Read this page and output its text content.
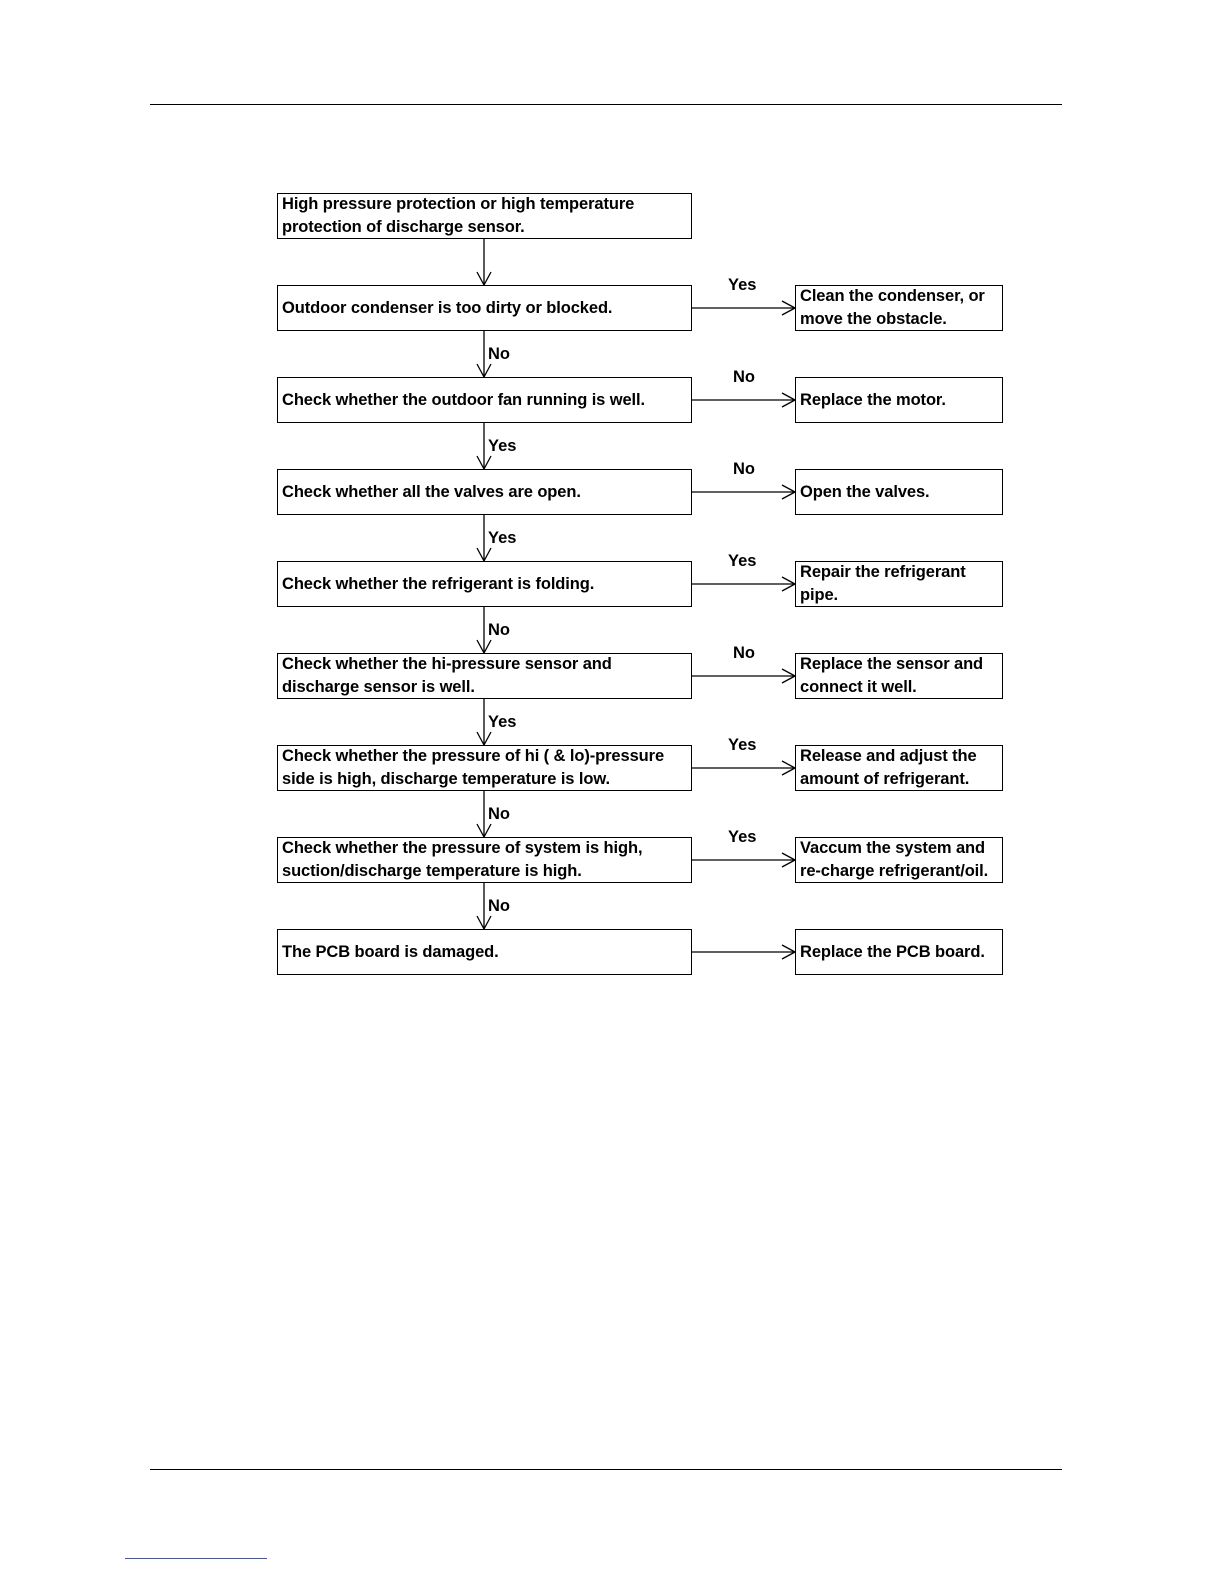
High pressure protection or high temperature protection of discharge sensor.
Outdoor condenser is too dirty or blocked.
Clean the condenser, or move the obstacle.
Yes
No
Check whether the outdoor fan running is well.	Replace the motor.
No
Yes
Check whether all the valves are open.	Open the valves.
No
Yes
Check whether the refrigerant is folding.
Repair the refrigerant pipe.
Yes
No
Check whether the hi-pressure sensor and discharge sensor is well.
Replace the sensor and connect it well.
No
Yes
Check whether the pressure of hi ( & lo)-pressure side is high, discharge temperature is low.
Release and adjust the amount of refrigerant.
Yes
No
Check whether the pressure of system is high, suction/discharge temperature is high.
Vaccum the system and re-charge refrigerant/oil.
Yes
No
The PCB board is damaged.	Replace the PCB board.
